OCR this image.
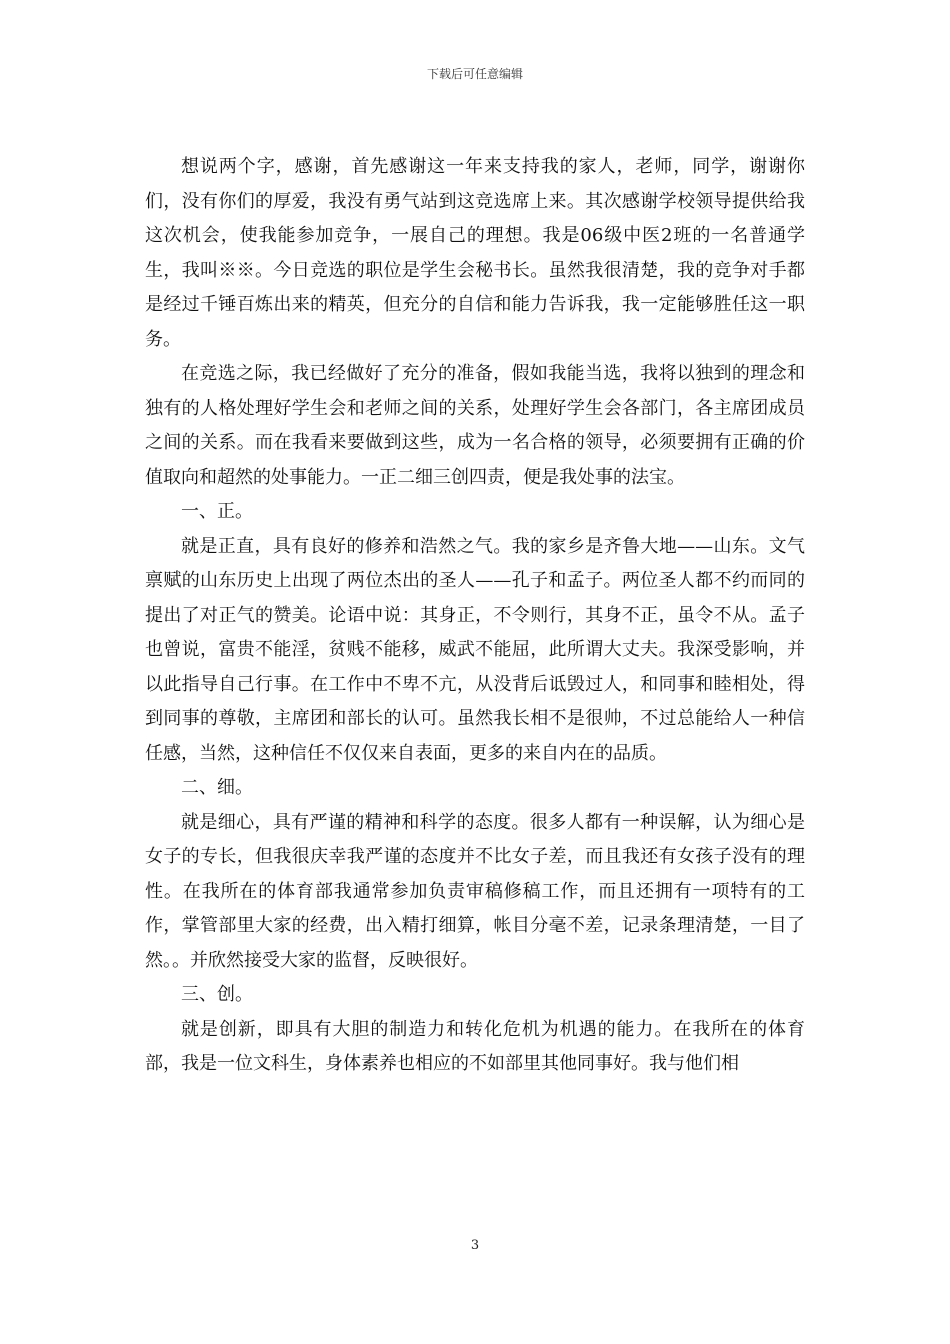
下载后可任意编辑

想说两个字，感谢，首先感谢这一年来支持我的家人，老师，同学，谢谢你们，没有你们的厚爱，我没有勇气站到这竞选席上来。其次感谢学校领导提供给我这次机会，使我能参加竞争，一展自己的理想。我是06级中医2班的一名普通学生，我叫※※。今日竞选的职位是学生会秘书长。虽然我很清楚，我的竞争对手都是经过千锤百炼出来的精英，但充分的自信和能力告诉我，我一定能够胜任这一职务。

在竞选之际，我已经做好了充分的准备，假如我能当选，我将以独到的理念和独有的人格处理好学生会和老师之间的关系，处理好学生会各部门，各主席团成员之间的关系。而在我看来要做到这些，成为一名合格的领导，必须要拥有正确的价值取向和超然的处事能力。一正二细三创四责，便是我处事的法宝。

一、正。

就是正直，具有良好的修养和浩然之气。我的家乡是齐鲁大地——山东。文气禀赋的山东历史上出现了两位杰出的圣人——孔子和孟子。两位圣人都不约而同的提出了对正气的赞美。论语中说：其身正，不令则行，其身不正，虽令不从。孟子也曾说，富贵不能淫，贫贱不能移，威武不能屈，此所谓大丈夫。我深受影响，并以此指导自己行事。在工作中不卑不亢，从没背后诋毁过人，和同事和睦相处，得到同事的尊敬，主席团和部长的认可。虽然我长相不是很帅，不过总能给人一种信任感，当然，这种信任不仅仅来自表面，更多的来自内在的品质。

二、细。

就是细心，具有严谨的精神和科学的态度。很多人都有一种误解，认为细心是女子的专长，但我很庆幸我严谨的态度并不比女子差，而且我还有女孩子没有的理性。在我所在的体育部我通常参加负责审稿修稿工作，而且还拥有一项特有的工作，掌管部里大家的经费，出入精打细算，帐目分毫不差，记录条理清楚，一目了然。。并欣然接受大家的监督，反映很好。

三、创。

就是创新，即具有大胆的制造力和转化危机为机遇的能力。在我所在的体育部，我是一位文科生，身体素养也相应的不如部里其他同事好。我与他们相

3
